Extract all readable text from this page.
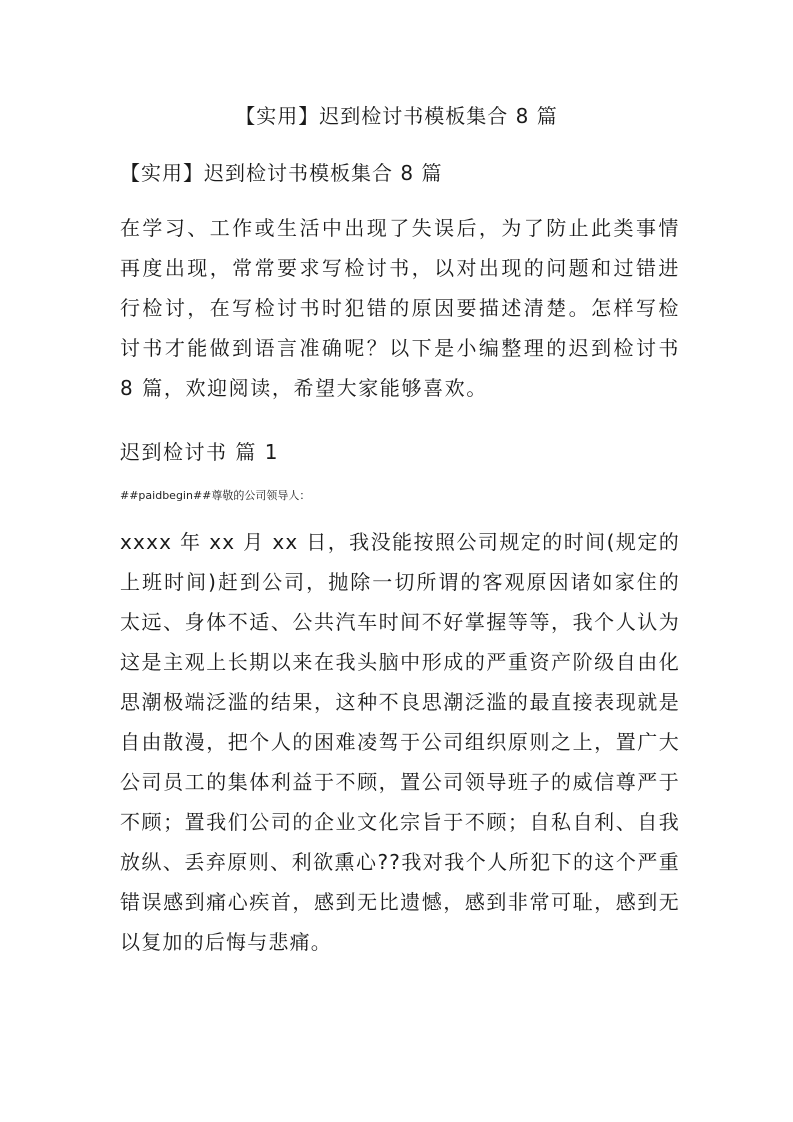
【实用】迟到检讨书模板集合 8 篇
【实用】迟到检讨书模板集合 8 篇

在学习、工作或生活中出现了失误后，为了防止此类事情再度出现，常常要求写检讨书，以对出现的问题和过错进行检讨，在写检讨书时犯错的原因要描述清楚。怎样写检讨书才能做到语言准确呢？以下是小编整理的迟到检讨书 8 篇，欢迎阅读，希望大家能够喜欢。

迟到检讨书 篇 1
##paidbegin##尊敬的公司领导人：

xxxx 年 xx 月 xx 日，我没能按照公司规定的时间(规定的上班时间)赶到公司，抛除一切所谓的客观原因诸如家住的太远、身体不适、公共汽车时间不好掌握等等，我个人认为这是主观上长期以来在我头脑中形成的严重资产阶级自由化思潮极端泛滥的结果，这种不良思潮泛滥的最直接表现就是自由散漫，把个人的困难凌驾于公司组织原则之上，置广大公司员工的集体利益于不顾，置公司领导班子的威信尊严于不顾；置我们公司的企业文化宗旨于不顾；自私自利、自我放纵、丢弃原则、利欲熏心??我对我个人所犯下的这个严重错误感到痛心疾首，感到无比遗憾，感到非常可耻，感到无以复加的后悔与悲痛。
